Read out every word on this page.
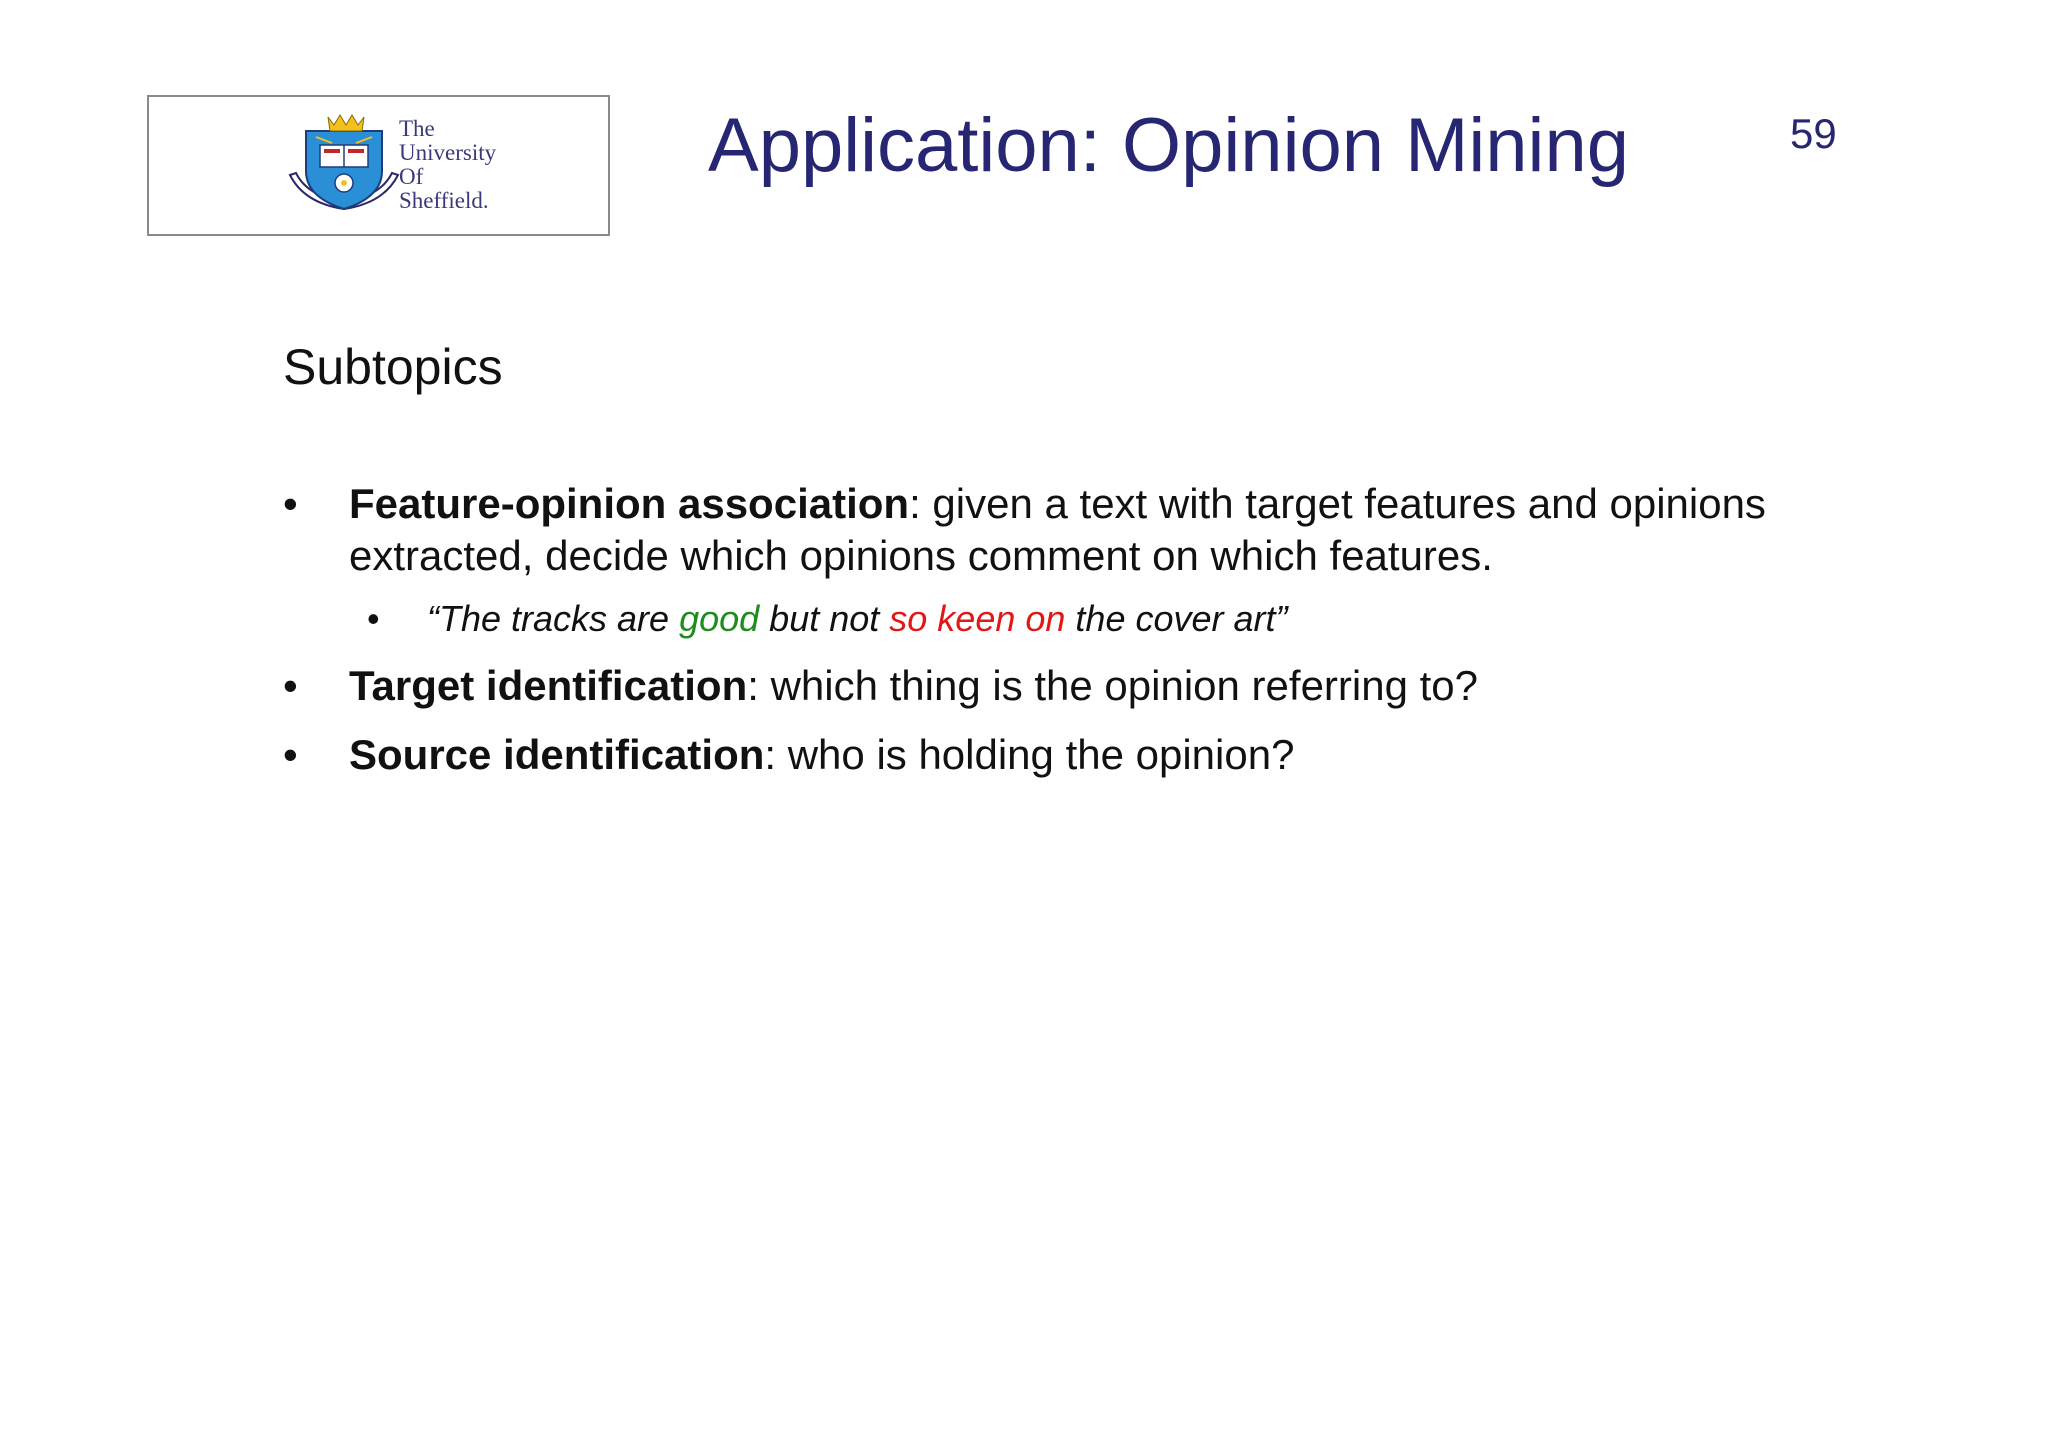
The
University
Of
Sheffield.
Application: Opinion Mining	59
Subtopics
• Feature-opinion association: given a text with target features and opinions extracted, decide which opinions comment on which features.
• “The tracks are good but not so keen on the cover art”
• Target identification: which thing is the opinion referring to?
• Source identification: who is holding the opinion?
